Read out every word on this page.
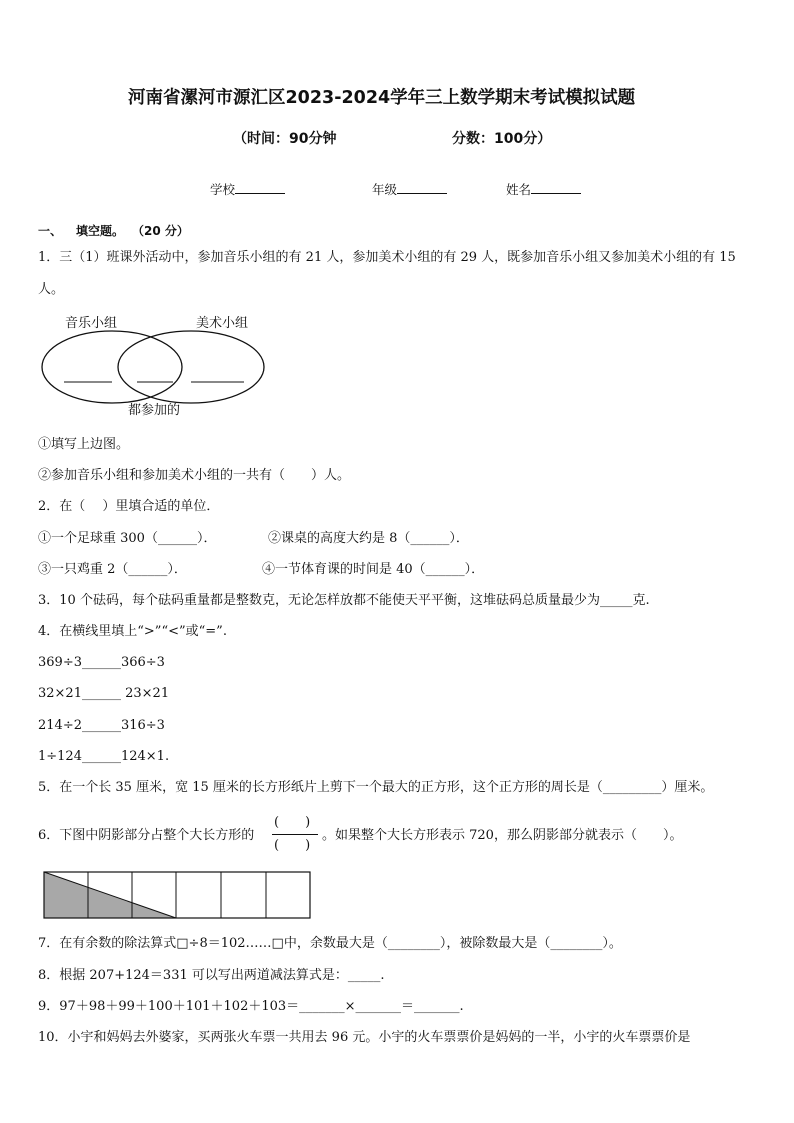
河南省漯河市源汇区2023-2024学年三上数学期末考试模拟试题
（时间：90分钟	分数：100分）
学校	年级	姓名
一、 填空题。 （20 分）
1．三（1）班课外活动中，参加音乐小组的有 21 人，参加美术小组的有 29 人，既参加音乐小组又参加美术小组的有 15
人。
音乐小组	美术小组
都参加的
①填写上边图。
②参加音乐小组和参加美术小组的一共有（　　）人。
2．在（　 ）里填合适的单位．
①一个足球重 300（______）．	②课桌的高度大约是 8（______）．
③一只鸡重 2（______）．	④一节体育课的时间是 40（______）．
3．10 个砝码，每个砝码重量都是整数克，无论怎样放都不能使天平平衡，这堆砝码总质量最少为_____克.
4．在横线里填上“>”“<”或“=”.
369÷3______366÷3
32×21______ 23×21
214÷2______316÷3
1÷124______124×1.
5．在一个长 35 厘米，宽 15 厘米的长方形纸片上剪下一个最大的正方形，这个正方形的周长是（_________）厘米。
6．下图中阴影部分占整个大长方形的
(　　)
(　　)
。如果整个大长方形表示 720，那么阴影部分就表示（　　）。
7．在有余数的除法算式□÷8＝102……□中，余数最大是（________），被除数最大是（________）。
8．根据 207+124＝331 可以写出两道减法算式是：_____.
9．97＋98＋99＋100＋101＋102＋103＝_______×_______＝_______.
10．小宇和妈妈去外婆家，买两张火车票一共用去 96 元。小宇的火车票票价是妈妈的一半，小宇的火车票票价是
